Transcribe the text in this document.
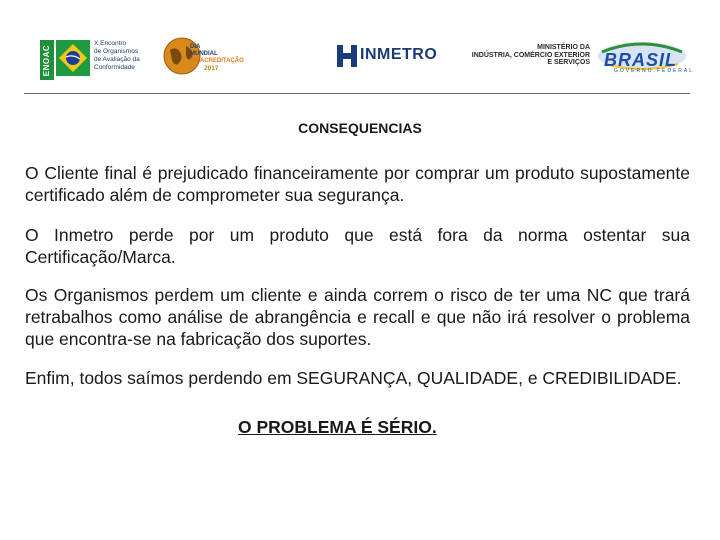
ENOAC
X Encontro
de Organismos
de Avaliação da
Conformidade
DIA
MUNDIAL
DA ACREDITAÇÃO
2017
INMETRO	MINISTÉRIO DA
INDÚSTRIA, COMÉRCIO EXTERIOR
E SERVIÇOS BRASIL
GOVERNO FEDERAL
CONSEQUENCIAS
O Cliente final é prejudicado financeiramente por comprar um produto supostamente certificado além de comprometer sua segurança.
O Inmetro perde por um produto que está fora da norma ostentar sua Certificação/Marca.
Os Organismos perdem um cliente e ainda correm o risco de ter uma NC que trará retrabalhos como análise de abrangência e recall e que não irá resolver o problema que encontra-se na fabricação dos suportes.
Enfim, todos saímos perdendo em SEGURANÇA, QUALIDADE, e CREDIBILIDADE.
O PROBLEMA É SÉRIO.
